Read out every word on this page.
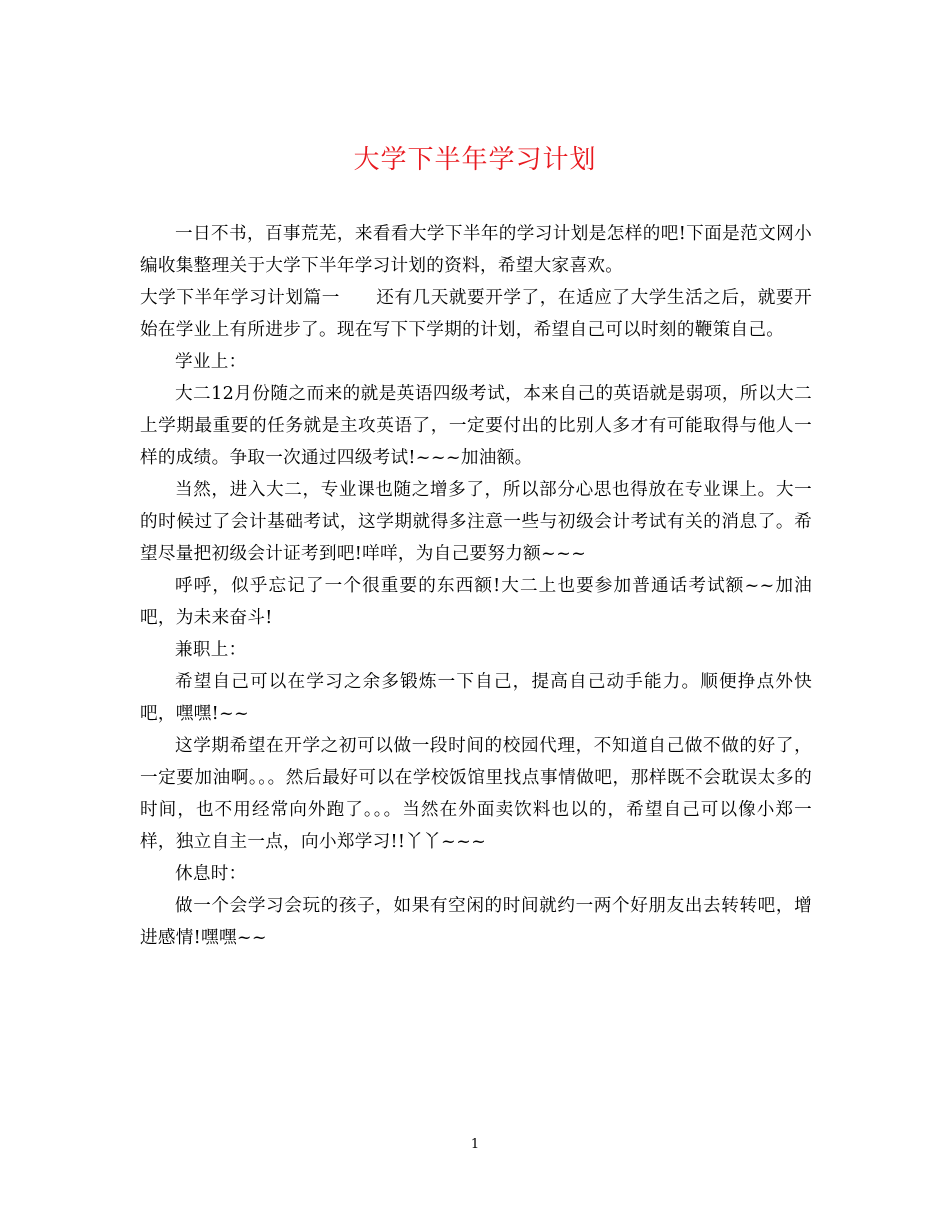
大学下半年学习计划

一日不书，百事荒芜，来看看大学下半年的学习计划是怎样的吧!下面是范文网小编收集整理关于大学下半年学习计划的资料，希望大家喜欢。

大学下半年学习计划篇一　　还有几天就要开学了，在适应了大学生活之后，就要开始在学业上有所进步了。现在写下下学期的计划，希望自己可以时刻的鞭策自己。

学业上：

大二12月份随之而来的就是英语四级考试，本来自己的英语就是弱项，所以大二上学期最重要的任务就是主攻英语了，一定要付出的比别人多才有可能取得与他人一样的成绩。争取一次通过四级考试!~~~加油额。

当然，进入大二，专业课也随之增多了，所以部分心思也得放在专业课上。大一的时候过了会计基础考试，这学期就得多注意一些与初级会计考试有关的消息了。希望尽量把初级会计证考到吧!咩咩，为自己要努力额~~~

呼呼，似乎忘记了一个很重要的东西额!大二上也要参加普通话考试额~~加油吧，为未来奋斗!

兼职上：

希望自己可以在学习之余多锻炼一下自己，提高自己动手能力。顺便挣点外快吧，嘿嘿!~~

这学期希望在开学之初可以做一段时间的校园代理，不知道自己做不做的好了，一定要加油啊。。。然后最好可以在学校饭馆里找点事情做吧，那样既不会耽误太多的时间，也不用经常向外跑了。。。当然在外面卖饮料也以的，希望自己可以像小郑一样，独立自主一点，向小郑学习!!丫丫~~~

休息时：

做一个会学习会玩的孩子，如果有空闲的时间就约一两个好朋友出去转转吧，增进感情!嘿嘿~~

1
